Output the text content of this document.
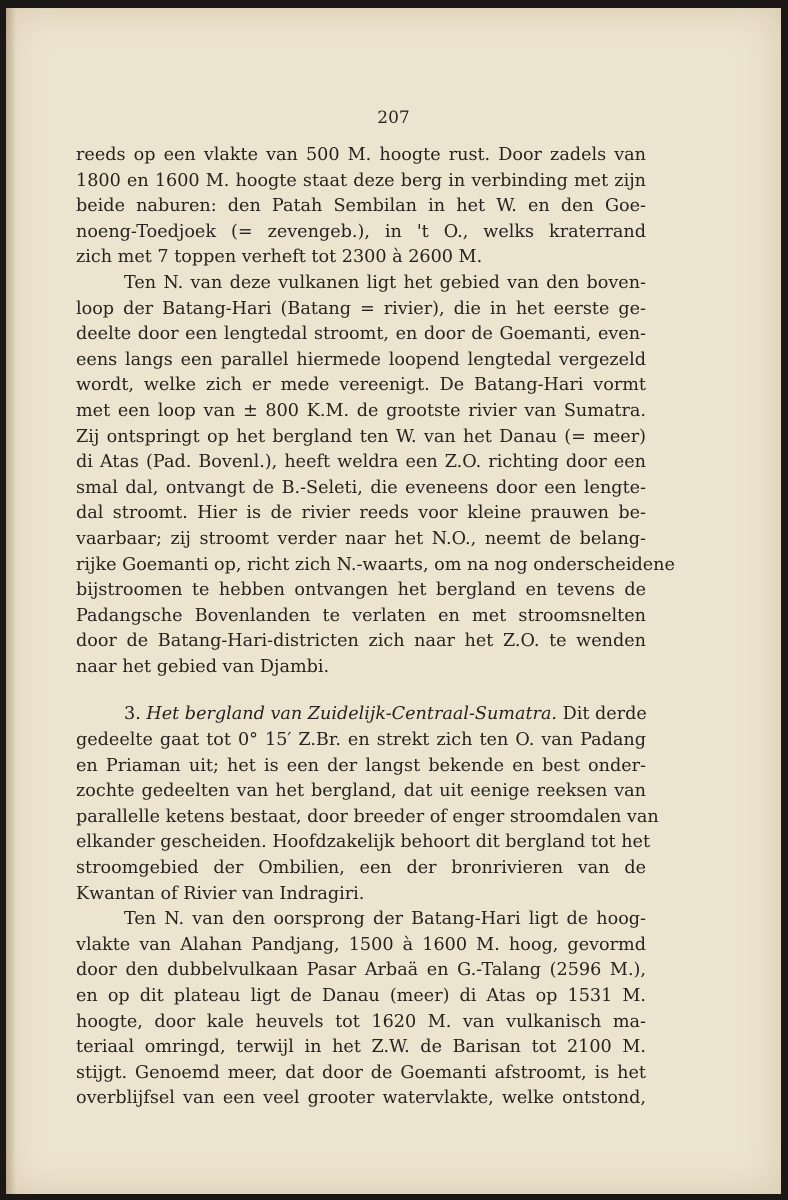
207
reeds op een vlakte van 500 M. hoogte rust. Door zadels van
1800 en 1600 M. hoogte staat deze berg in verbinding met zijn
beide naburen: den Patah Sembilan in het W. en den Goe-
noeng-Toedjoek (= zevengeb.), in 't O., welks kraterrand
zich met 7 toppen verheft tot 2300 à 2600 M.
Ten N. van deze vulkanen ligt het gebied van den boven-
loop der Batang-Hari (Batang = rivier), die in het eerste ge-
deelte door een lengtedal stroomt, en door de Goemanti, even-
eens langs een parallel hiermede loopend lengtedal vergezeld
wordt, welke zich er mede vereenigt. De Batang-Hari vormt
met een loop van ± 800 K.M. de grootste rivier van Sumatra.
Zij ontspringt op het bergland ten W. van het Danau (= meer)
di Atas (Pad. Bovenl.), heeft weldra een Z.O. richting door een
smal dal, ontvangt de B.-Seleti, die eveneens door een lengte-
dal stroomt. Hier is de rivier reeds voor kleine prauwen be-
vaarbaar; zij stroomt verder naar het N.O., neemt de belang-
rijke Goemanti op, richt zich N.-waarts, om na nog onderscheidene
bijstroomen te hebben ontvangen het bergland en tevens de
Padangsche Bovenlanden te verlaten en met stroomsnelten
door de Batang-Hari-districten zich naar het Z.O. te wenden
naar het gebied van Djambi.
3. Het bergland van Zuidelijk-Centraal-Sumatra. Dit derde
gedeelte gaat tot 0° 15′ Z.Br. en strekt zich ten O. van Padang
en Priaman uit; het is een der langst bekende en best onder-
zochte gedeelten van het bergland, dat uit eenige reeksen van
parallelle ketens bestaat, door breeder of enger stroomdalen van
elkander gescheiden. Hoofdzakelijk behoort dit bergland tot het
stroomgebied der Ombilien, een der bronrivieren van de
Kwantan of Rivier van Indragiri.
Ten N. van den oorsprong der Batang-Hari ligt de hoog-
vlakte van Alahan Pandjang, 1500 à 1600 M. hoog, gevormd
door den dubbelvulkaan Pasar Arbaä en G.-Talang (2596 M.),
en op dit plateau ligt de Danau (meer) di Atas op 1531 M.
hoogte, door kale heuvels tot 1620 M. van vulkanisch ma-
teriaal omringd, terwijl in het Z.W. de Barisan tot 2100 M.
stijgt. Genoemd meer, dat door de Goemanti afstroomt, is het
overblijfsel van een veel grooter watervlakte, welke ontstond,
